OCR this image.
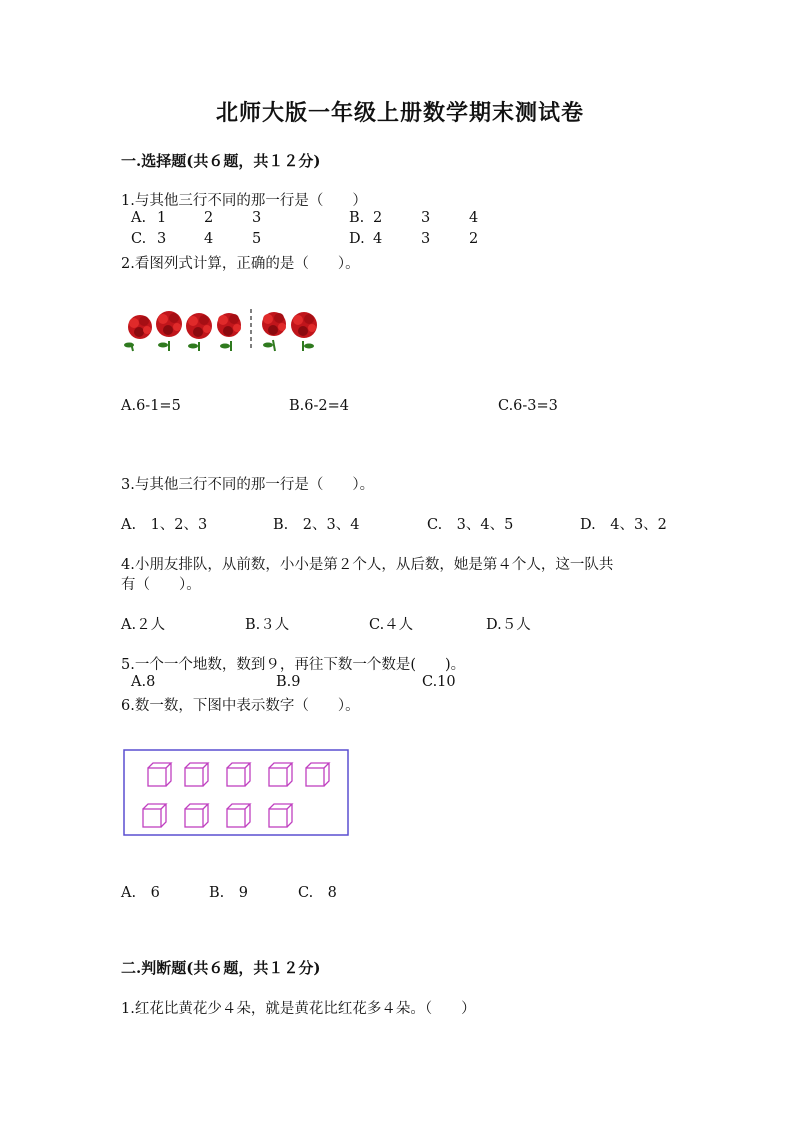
北师大版一年级上册数学期末测试卷
一.选择题(共６题，共１２分)
1.与其他三行不同的那一行是（　　）
A. 1	2	3	B. 2	3	4
C. 3	4	5	D. 4	3	2
2.看图列式计算，正确的是（　　）。
A.6-1=5	B.6-2=4	C.6-3=3
3.与其他三行不同的那一行是（　　）。
A.　1、2、3	B.　2、3、4	C.　3、4、5	D.　4、3、2
4.小朋友排队，从前数，小小是第２个人，从后数，她是第４个人，这一队共
有（　　）。
A.２人	B.３人	C.４人	D.５人
5.一个一个地数，数到９，再往下数一个数是(　　)。
A.8	B.9	C.10
6.数一数，下图中表示数字（　　）。
A.　6	B.　9	C.　8
二.判断题(共６题，共１２分)
1.红花比黄花少４朵，就是黄花比红花多４朵。（　　）
